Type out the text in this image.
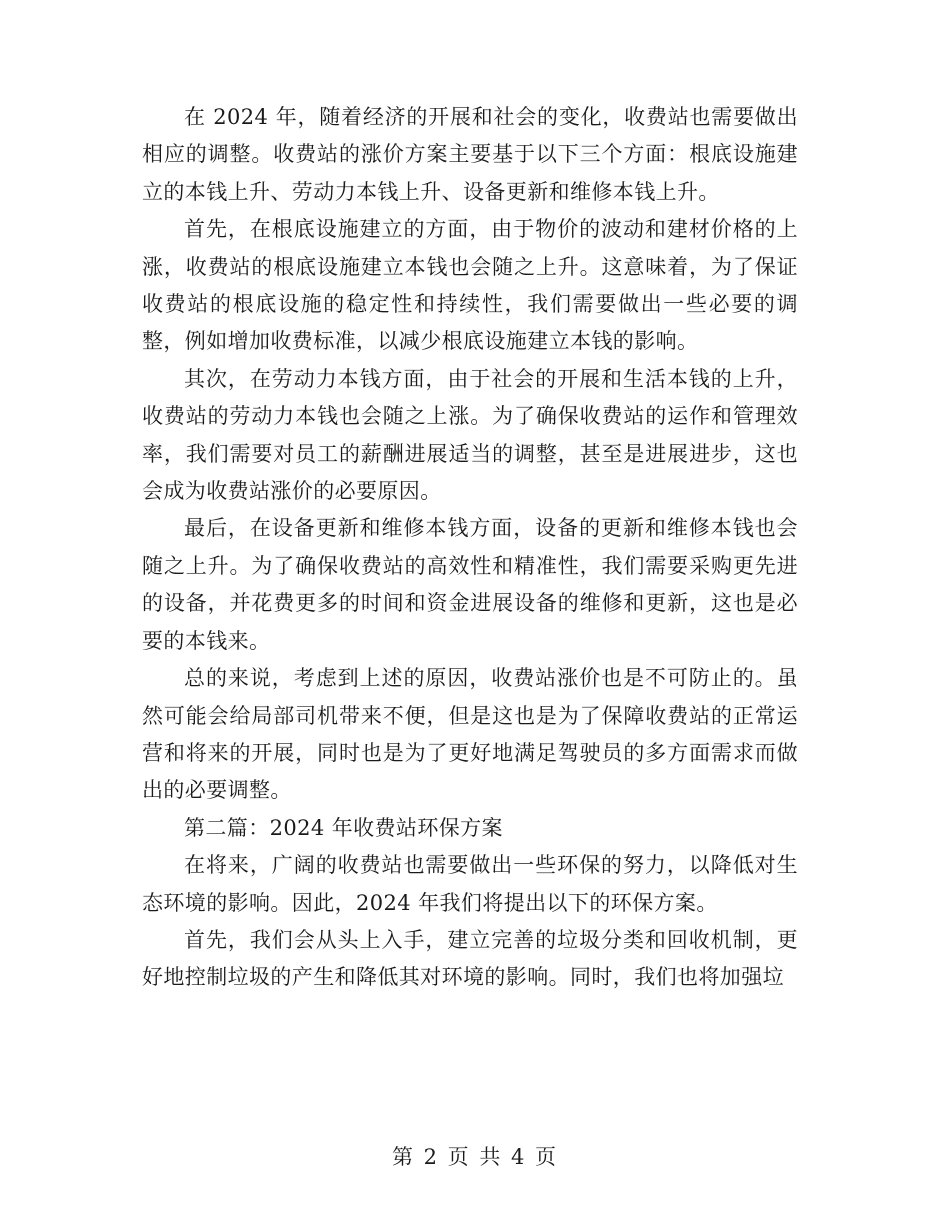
在 2024 年，随着经济的开展和社会的变化，收费站也需要做出相应的调整。收费站的涨价方案主要基于以下三个方面：根底设施建立的本钱上升、劳动力本钱上升、设备更新和维修本钱上升。

首先，在根底设施建立的方面，由于物价的波动和建材价格的上涨，收费站的根底设施建立本钱也会随之上升。这意味着，为了保证收费站的根底设施的稳定性和持续性，我们需要做出一些必要的调整，例如增加收费标准，以减少根底设施建立本钱的影响。

其次，在劳动力本钱方面，由于社会的开展和生活本钱的上升，收费站的劳动力本钱也会随之上涨。为了确保收费站的运作和管理效率，我们需要对员工的薪酬进展适当的调整，甚至是进展进步，这也会成为收费站涨价的必要原因。

最后，在设备更新和维修本钱方面，设备的更新和维修本钱也会随之上升。为了确保收费站的高效性和精准性，我们需要采购更先进的设备，并花费更多的时间和资金进展设备的维修和更新，这也是必要的本钱来。

总的来说，考虑到上述的原因，收费站涨价也是不可防止的。虽然可能会给局部司机带来不便，但是这也是为了保障收费站的正常运营和将来的开展，同时也是为了更好地满足驾驶员的多方面需求而做出的必要调整。

第二篇：2024 年收费站环保方案

在将来，广阔的收费站也需要做出一些环保的努力，以降低对生态环境的影响。因此，2024 年我们将提出以下的环保方案。

首先，我们会从头上入手，建立完善的垃圾分类和回收机制，更好地控制垃圾的产生和降低其对环境的影响。同时，我们也将加强垃

第 2 页 共 4 页
